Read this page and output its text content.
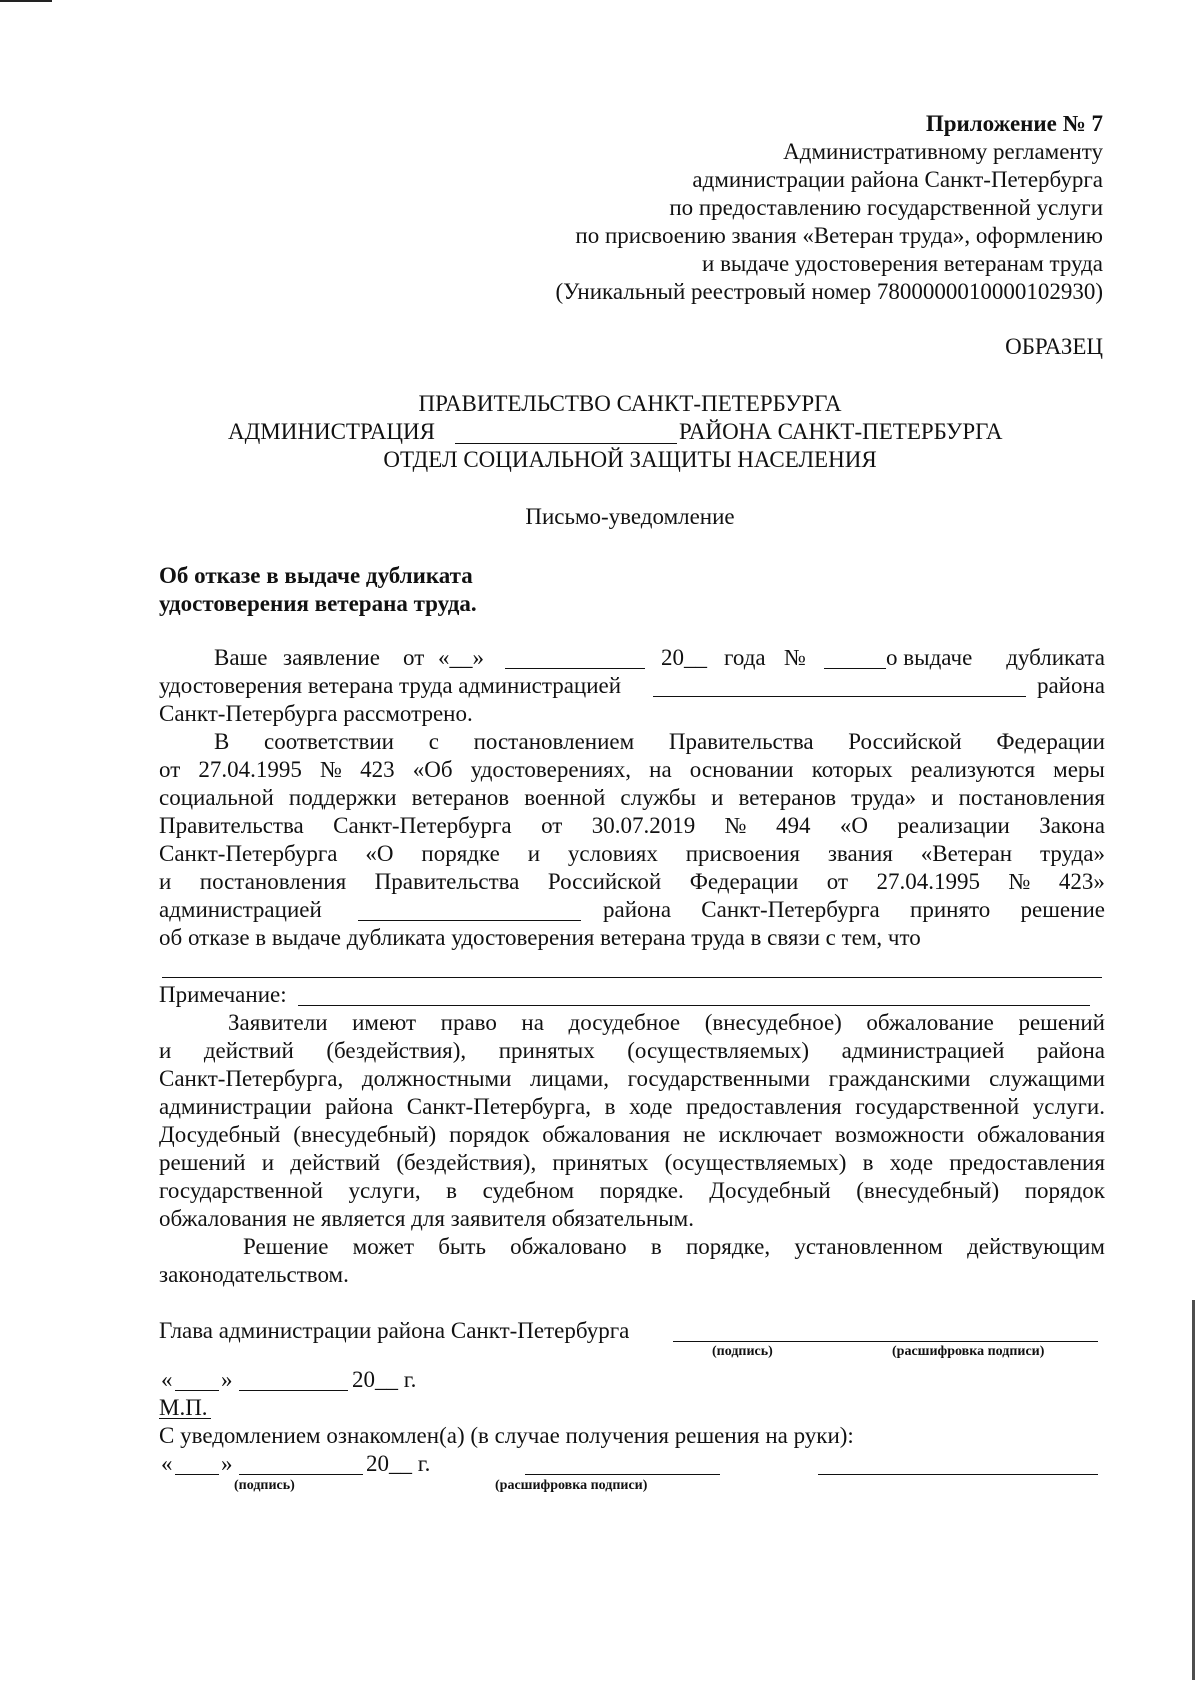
Приложение № 7
Административному регламенту
администрации района Санкт-Петербурга
по предоставлению государственной услуги
по присвоению звания «Ветеран труда», оформлению
и выдаче удостоверения ветеранам труда
(Уникальный реестровый номер 7800000010000102930)
ОБРАЗЕЦ
ПРАВИТЕЛЬСТВО САНКТ-ПЕТЕРБУРГА
АДМИНИСТРАЦИЯ	РАЙОНА САНКТ-ПЕТЕРБУРГА
ОТДЕЛ СОЦИАЛЬНОЙ ЗАЩИТЫ НАСЕЛЕНИЯ
Письмо-уведомление
Об отказе в выдаче дубликата
удостоверения ветерана труда.
Ваше заявление от «__»	20__ года №	о выдаче дубликата
удостоверения ветерана труда администрацией	района
Санкт-Петербурга рассмотрено.
В соответствии с постановлением Правительства Российской Федерации
от 27.04.1995 № 423 «Об удостоверениях, на основании которых реализуются меры
социальной поддержки ветеранов военной службы и ветеранов труда» и постановления
Правительства Санкт-Петербурга от 30.07.2019 № 494 «О реализации Закона
Санкт-Петербурга «О порядке и условиях присвоения звания «Ветеран труда»
и постановления Правительства Российской Федерации от 27.04.1995 № 423»
администрацией	района Санкт-Петербурга принято решение
об отказе в выдаче дубликата удостоверения ветерана труда в связи с тем, что
Примечание:
Заявители имеют право на досудебное (внесудебное) обжалование решений
и действий (бездействия), принятых (осуществляемых) администрацией района
Санкт-Петербурга, должностными лицами, государственными гражданскими служащими
администрации района Санкт-Петербурга, в ходе предоставления государственной услуги.
Досудебный (внесудебный) порядок обжалования не исключает возможности обжалования
решений и действий (бездействия), принятых (осуществляемых) в ходе предоставления
государственной услуги, в судебном порядке. Досудебный (внесудебный) порядок
обжалования не является для заявителя обязательным.
Решение может быть обжаловано в порядке, установленном действующим
законодательством.
Глава администрации района Санкт-Петербурга
(подпись)	(расшифровка подписи)
« »	20__ г.
М.П.
С уведомлением ознакомлен(а) (в случае получения решения на руки):
« »	20__ г.
(подпись)	(расшифровка подписи)
